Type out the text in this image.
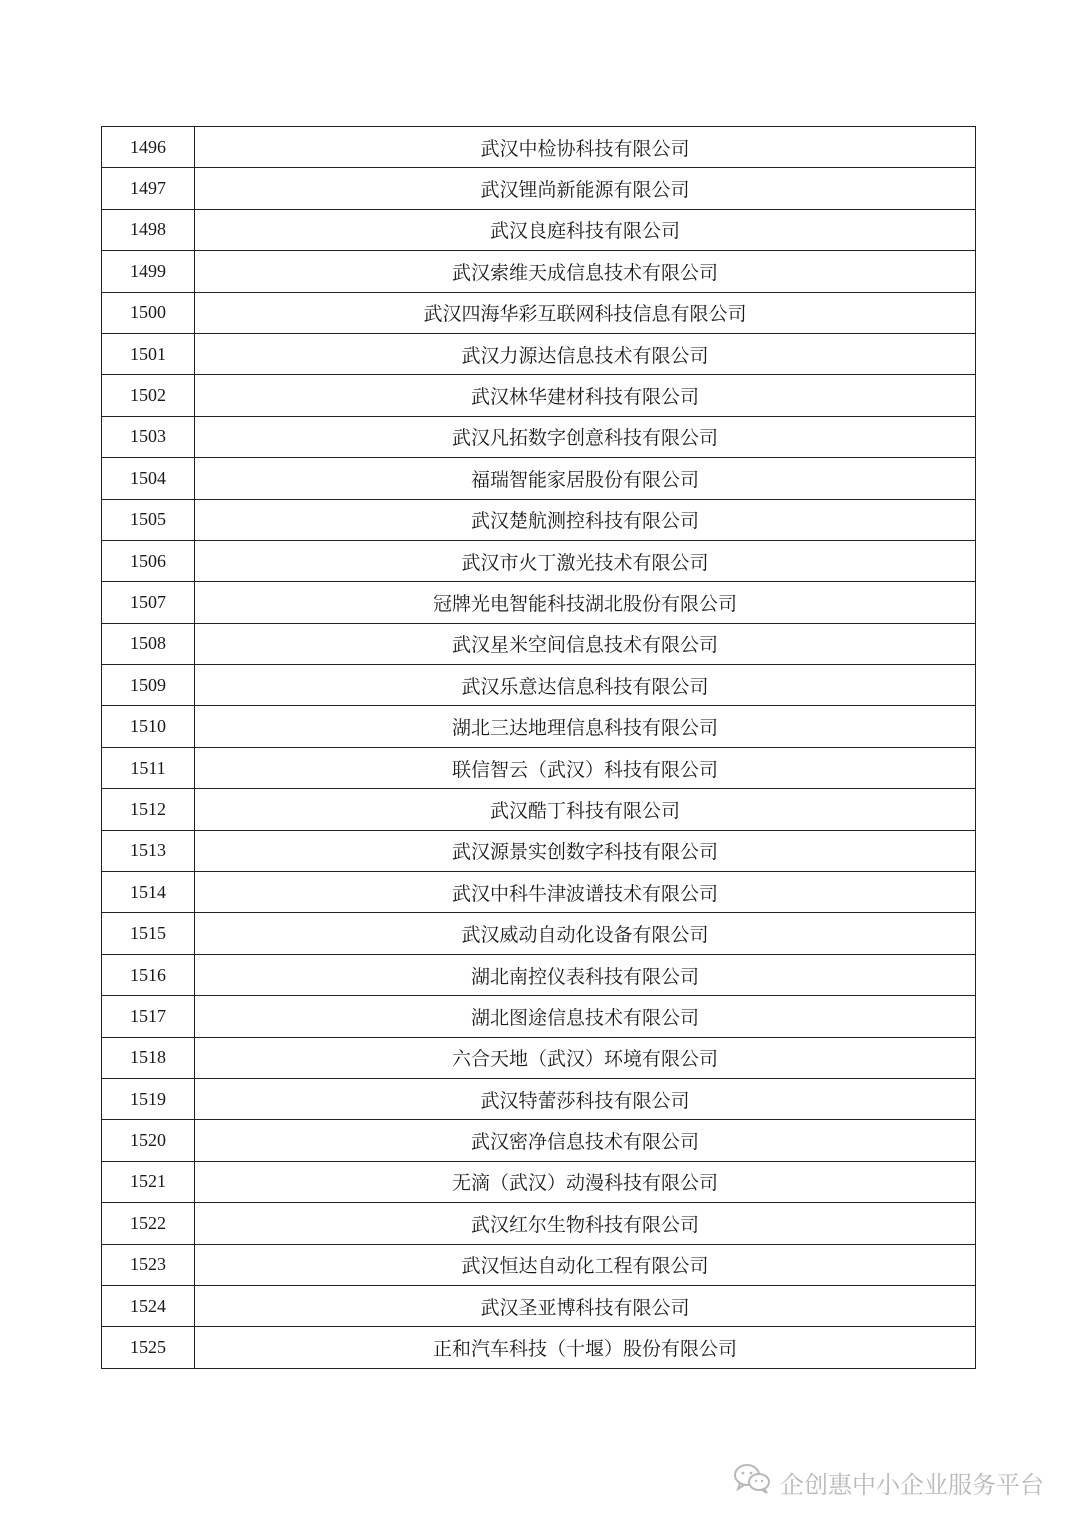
1496	武汉中检协科技有限公司
1497	武汉锂尚新能源有限公司
1498	武汉良庭科技有限公司
1499	武汉索维天成信息技术有限公司
1500	武汉四海华彩互联网科技信息有限公司
1501	武汉力源达信息技术有限公司
1502	武汉林华建材科技有限公司
1503	武汉凡拓数字创意科技有限公司
1504	福瑞智能家居股份有限公司
1505	武汉楚航测控科技有限公司
1506	武汉市火丁激光技术有限公司
1507	冠牌光电智能科技湖北股份有限公司
1508	武汉星米空间信息技术有限公司
1509	武汉乐意达信息科技有限公司
1510	湖北三达地理信息科技有限公司
1511	联信智云（武汉）科技有限公司
1512	武汉酷丁科技有限公司
1513	武汉源景实创数字科技有限公司
1514	武汉中科牛津波谱技术有限公司
1515	武汉威动自动化设备有限公司
1516	湖北南控仪表科技有限公司
1517	湖北图途信息技术有限公司
1518	六合天地（武汉）环境有限公司
1519	武汉特蕾莎科技有限公司
1520	武汉密净信息技术有限公司
1521	无滴（武汉）动漫科技有限公司
1522	武汉红尔生物科技有限公司
1523	武汉恒达自动化工程有限公司
1524	武汉圣亚博科技有限公司
1525	正和汽车科技（十堰）股份有限公司
企创惠中小企业服务平台
